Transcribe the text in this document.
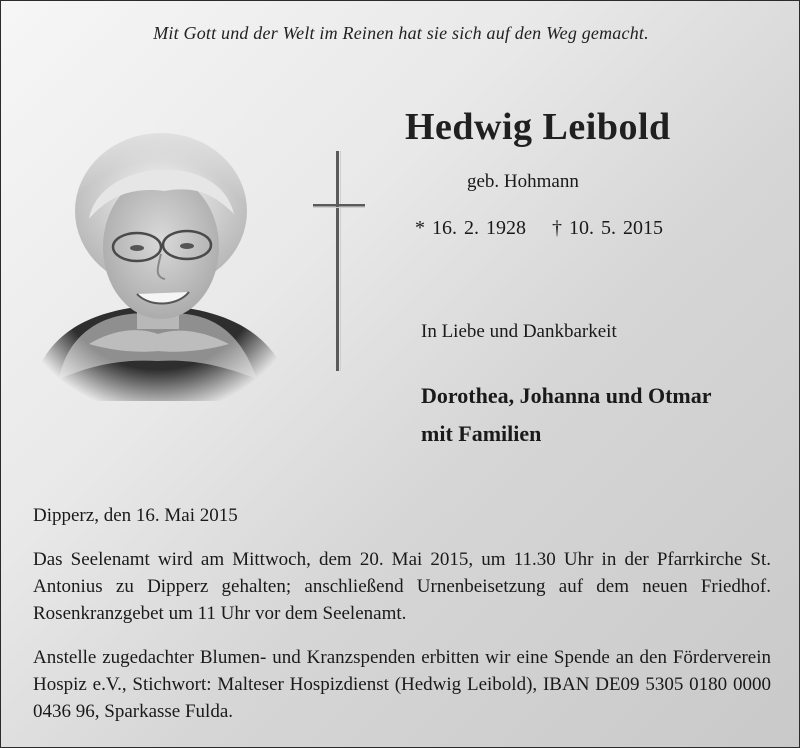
Mit Gott und der Welt im Reinen hat sie sich auf den Weg gemacht.
Hedwig Leibold
geb. Hohmann
* 16. 2. 1928 † 10. 5. 2015
In Liebe und Dankbarkeit
Dorothea, Johanna und Otmar
mit Familien
Dipperz, den 16. Mai 2015
Das Seelenamt wird am Mittwoch, dem 20. Mai 2015, um 11.30 Uhr in der Pfarrkirche St. Antonius zu Dipperz gehalten; anschließend Urnenbeisetzung auf dem neuen Friedhof. Rosenkranzgebet um 11 Uhr vor dem Seelenamt.
Anstelle zugedachter Blumen- und Kranzspenden erbitten wir eine Spende an den Förderverein Hospiz e.V., Stichwort: Malteser Hospizdienst (Hedwig Leibold), IBAN DE09 5305 0180 0000 0436 96, Sparkasse Fulda.
